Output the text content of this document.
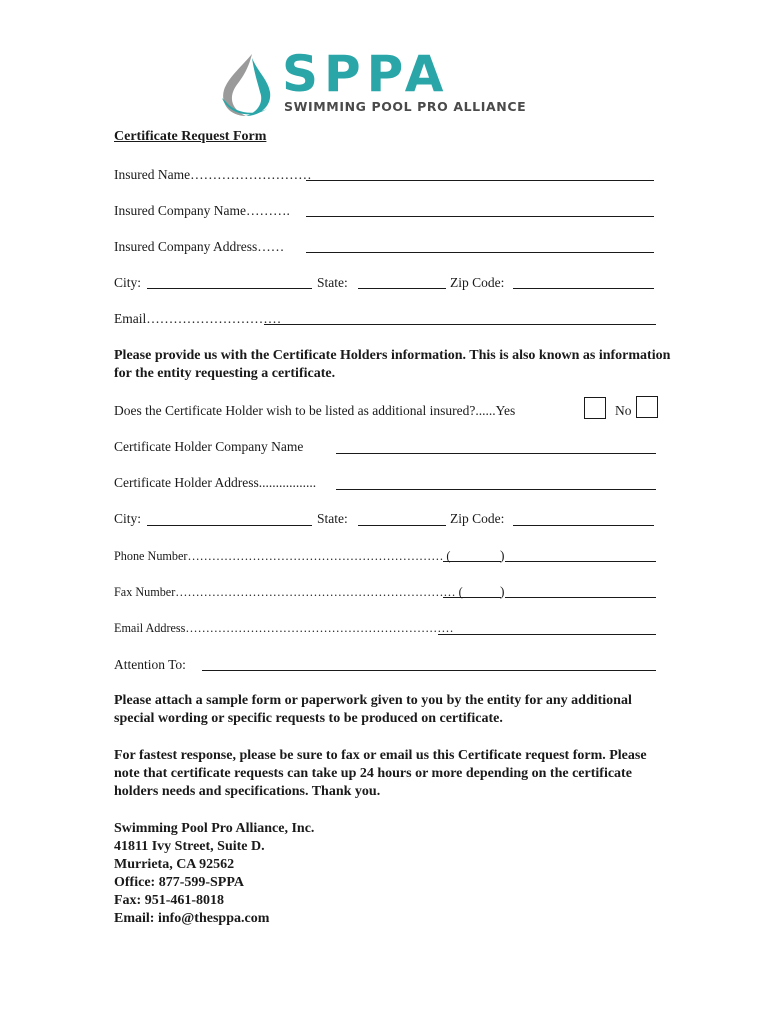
SPPA
SWIMMING POOL PRO ALLIANCE
Certificate Request Form
Insured Name………………………
Insured Company Name……….
Insured Company Address……
City:	State:	Zip Code:
Email…………………………
Please provide us with the Certificate Holders information. This is also known as information for the entity requesting a certificate.
Does the Certificate Holder wish to be listed as additional insured?......Yes	No
Certificate Holder Company Name
Certificate Holder Address.................
City:	State:	Zip Code:
Phone Number……………………………………………………… (	)
Fax Number…………………………………………………………… (	)
Email Address…………………………………………………………
Attention To:
Please attach a sample form or paperwork given to you by the entity for any additional special wording or specific requests to be produced on certificate.
For fastest response, please be sure to fax or email us this Certificate request form. Please note that certificate requests can take up 24 hours or more depending on the certificate holders needs and specifications. Thank you.
Swimming Pool Pro Alliance, Inc.
41811 Ivy Street, Suite D.
Murrieta, CA 92562
Office: 877-599-SPPA
Fax: 951-461-8018
Email: info@thesppa.com
